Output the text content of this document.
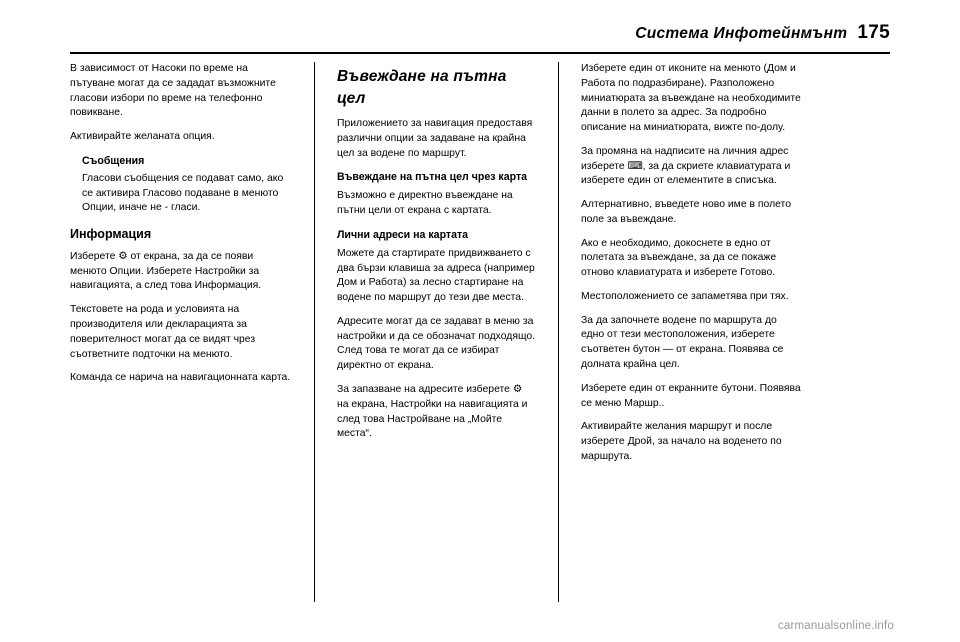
Система Инфотейнмънт 175
В зависимост от Насоки по време на пътуване могат да се зададат възможните гласови избори по време на телефонно повикване.
Активирайте желаната опция.
Съобщения
Гласови съобщения се подават само, ако се активира Гласово подаване в менюто Опции, иначе не - гласи.
Информация
Изберете ⚙ от екрана, за да се появи менюто Опции. Изберете Настройки за навигацията, а след това Информация.
Текстовете на рода и условията на производителя или декларацията за поверителност могат да се видят чрез съответните подточки на менюто.
Команда се нарича на навигационната карта.
Въвеждане на пътна цел
Приложението за навигация предоставя различни опции за задаване на крайна цел за водене по маршрут.
Въвеждане на пътна цел чрез карта
Възможно е директно въвеждане на пътни цели от екрана с картата.
Лични адреси на картата
Можете да стартирате придвижването с два бързи клавиша за адреса (например Дом и Работа) за лесно стартиране на водене по маршрут до тези две места.
Адресите могат да се задават в меню за настройки и да се обозначат подходящо. След това те могат да се избират директно от екрана.
За запазване на адресите изберете ⚙ на екрана, Настройки на навигацията и след това Настройване на „Мойте места“.
Изберете един от иконите на менюто (Дом и Работа по подразбиране). Разположено миниатюрата за въвеждане на необходимите данни в полето за адрес. За подробно описание на миниатюрата, вижте по-долу.
За промяна на надписите на личния адрес изберете ⌨, за да скриете клавиатурата и изберете един от елементите в списъка.
Алтернативно, въведете ново име в полето поле за въвеждане.
Ако е необходимо, докоснете в едно от полетата за въвеждане, за да се покаже отново клавиатурата и изберете Готово.
Местоположението се запаметява при тях.
За да започнете водене по маршрута до едно от тези местоположения, изберете съответен бутон — от екрана. Появява се долната крайна цел.
Изберете един от екранните бутони. Появява се меню Маршр..
Активирайте желания маршрут и после изберете Дрой, за начало на воденето по маршрута.
carmanualsonline.info
